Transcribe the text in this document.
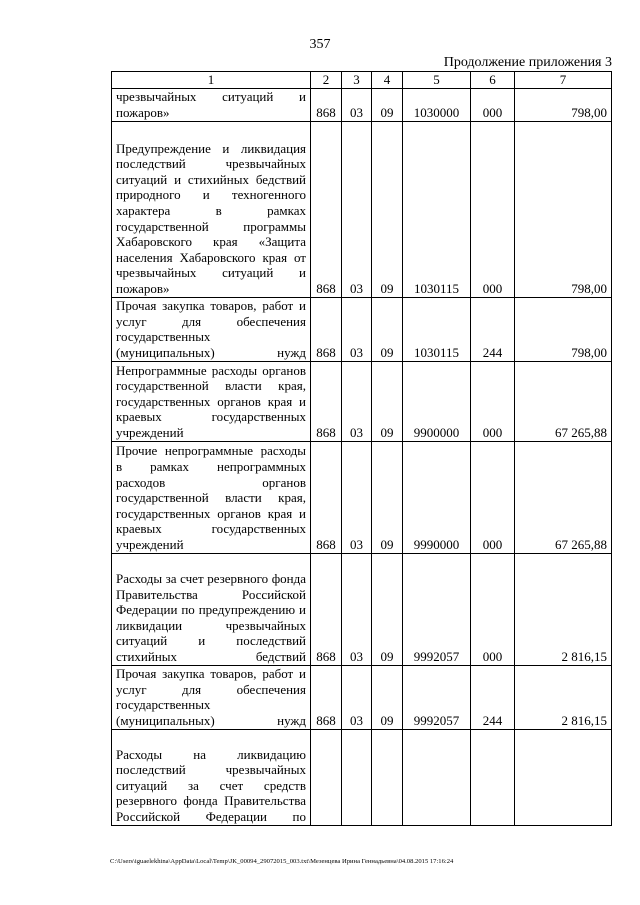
357
Продолжение приложения 3
1	2	3	4	5	6	7
чрезвычайных ситуаций и пожаров»	868	03	09	1030000	000	798,00
Предупреждение и ликвидация последствий чрезвычайных ситуаций и стихийных бедствий природного и техногенного характера в рамках государственной программы Хабаровского края «Защита населения Хабаровского края от чрезвычайных ситуаций и пожаров»	868	03	09	1030115	000	798,00
Прочая закупка товаров, работ и услуг для обеспечения государственных (муниципальных) нужд	868	03	09	1030115	244	798,00
Непрограммные расходы органов государственной власти края, государственных органов края и краевых государственных учреждений	868	03	09	9900000	000	67 265,88
Прочие непрограммные расходы в рамках непрограммных расходов органов государственной власти края, государственных органов края и краевых государственных учреждений	868	03	09	9990000	000	67 265,88
Расходы за счет резервного фонда Правительства Российской Федерации по предупреждению и ликвидации чрезвычайных ситуаций и последствий стихийных бедствий	868	03	09	9992057	000	2 816,15
Прочая закупка товаров, работ и услуг для обеспечения государственных (муниципальных) нужд	868	03	09	9992057	244	2 816,15
Расходы на ликвидацию последствий чрезвычайных ситуаций за счет средств резервного фонда Правительства Российской Федерации по						
C:\Users\iguaelekhina\AppData\Local\Temp\JK_00094_29072015_003.txt\Мезенцева Ирина Геннадьевна\04.08.2015 17:16:24
